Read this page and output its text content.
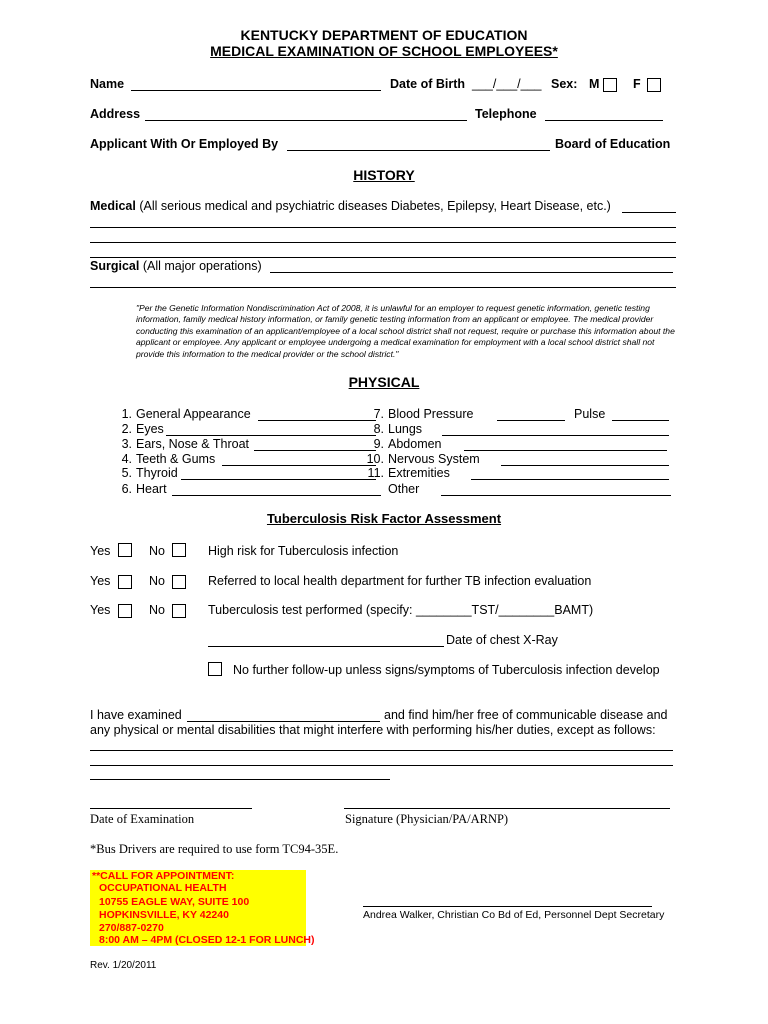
KENTUCKY DEPARTMENT OF EDUCATION
MEDICAL EXAMINATION OF SCHOOL EMPLOYEES*
Name	Date of Birth ___/___/___ Sex: M	F
Address	Telephone
Applicant With Or Employed By	Board of Education
HISTORY
Medical (All serious medical and psychiatric diseases Diabetes, Epilepsy, Heart Disease, etc.)
Surgical (All major operations)
"Per the Genetic Information Nondiscrimination Act of 2008, it is unlawful for an employer to request genetic information, genetic testing information, family medical history information, or family genetic testing information from an applicant or employee. The medical provider conducting this examination of an applicant/employee of a local school district shall not request, require or purchase this information about the applicant or employee. Any applicant or employee undergoing a medical examination for employment with a local school district shall not provide this information to the medical provider or the school district."
PHYSICAL
1. General Appearance
2. Eyes
3. Ears, Nose & Throat
4. Teeth & Gums
5. Thyroid
6. Heart
7. Blood Pressure	Pulse
8. Lungs
9. Abdomen
10. Nervous System
11. Extremities
Other
Tuberculosis Risk Factor Assessment
Yes	No	High risk for Tuberculosis infection
Yes	No	Referred to local health department for further TB infection evaluation
Yes	No	Tuberculosis test performed (specify: ________TST/________BAMT)
Date of chest X-Ray
No further follow-up unless signs/symptoms of Tuberculosis infection develop
I have examined	and find him/her free of communicable disease and
any physical or mental disabilities that might interfere with performing his/her duties, except as follows:
Date of Examination	Signature (Physician/PA/ARNP)
*Bus Drivers are required to use form TC94-35E.
**CALL FOR APPOINTMENT:
OCCUPATIONAL HEALTH
10755 EAGLE WAY, SUITE 100
HOPKINSVILLE, KY 42240
270/887-0270
8:00 AM – 4PM (CLOSED 12-1 FOR LUNCH)
Andrea Walker, Christian Co Bd of Ed, Personnel Dept Secretary
Rev. 1/20/2011
